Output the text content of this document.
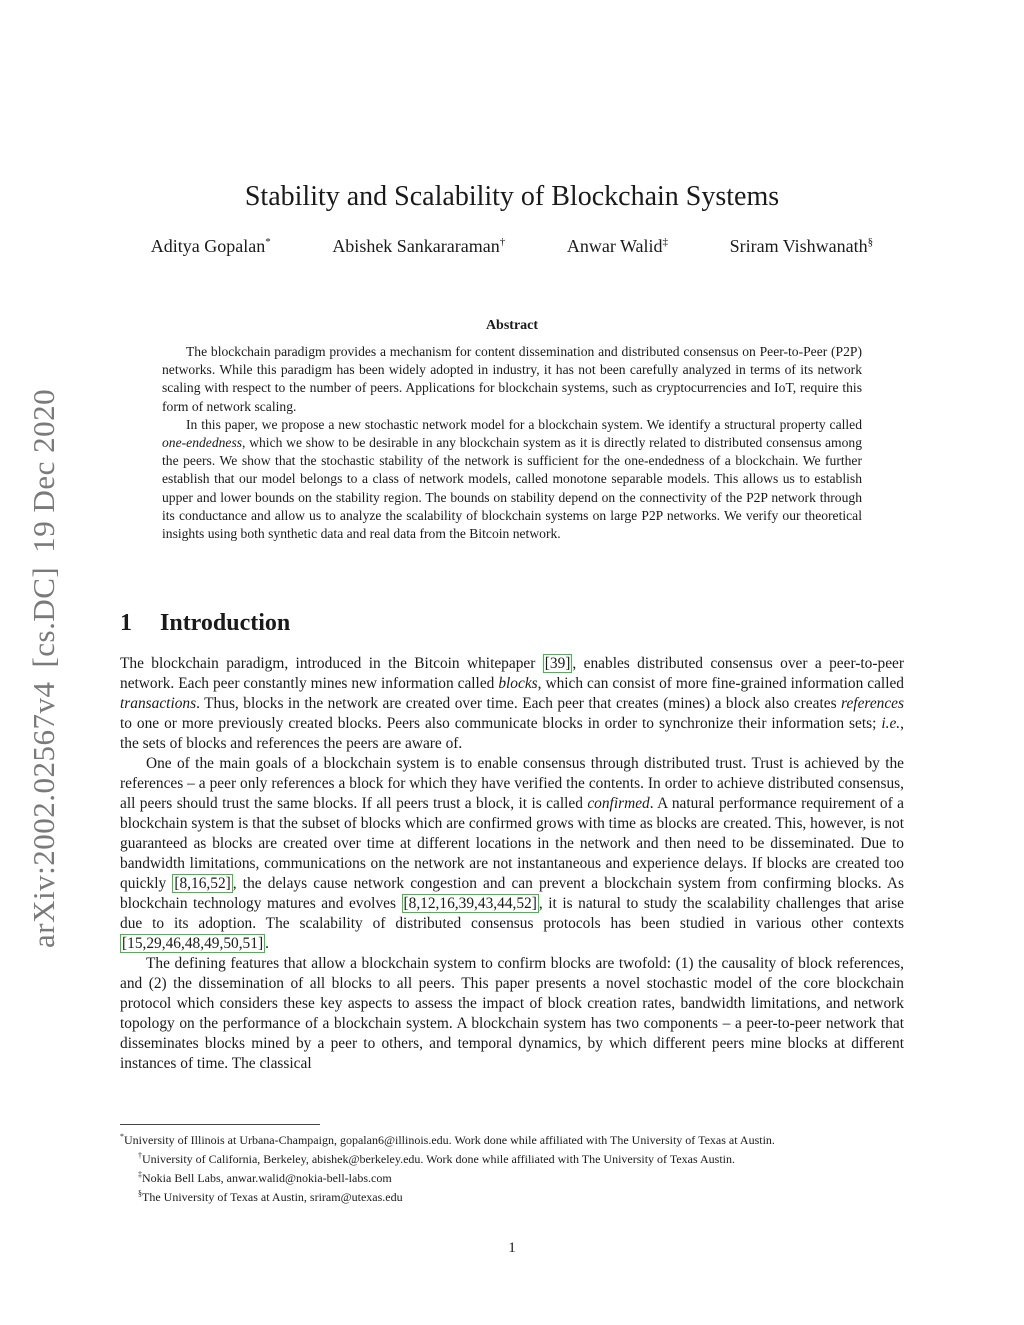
arXiv:2002.02567v4[cs.DC]19 Dec 2020
Stability and Scalability of Blockchain Systems
Aditya Gopalan*	Abishek Sankararaman†	Anwar Walid‡	Sriram Vishwanath§
Abstract

The blockchain paradigm provides a mechanism for content dissemination and distributed consensus on Peer-to-Peer (P2P) networks. While this paradigm has been widely adopted in industry, it has not been carefully analyzed in terms of its network scaling with respect to the number of peers. Applications for blockchain systems, such as cryptocurrencies and IoT, require this form of network scaling.

In this paper, we propose a new stochastic network model for a blockchain system. We identify a structural property called one-endedness, which we show to be desirable in any blockchain system as it is directly related to distributed consensus among the peers. We show that the stochastic stability of the network is sufficient for the one-endedness of a blockchain. We further establish that our model belongs to a class of network models, called monotone separable models. This allows us to establish upper and lower bounds on the stability region. The bounds on stability depend on the connectivity of the P2P network through its conductance and allow us to analyze the scalability of blockchain systems on large P2P networks. We verify our theoretical insights using both synthetic data and real data from the Bitcoin network.

1 Introduction

The blockchain paradigm, introduced in the Bitcoin whitepaper [39] , enables distributed consensus over a peer-to-peer network. Each peer constantly mines new information called blocks, which can consist of more fine-grained information called transactions. Thus, blocks in the network are created over time. Each peer that creates (mines) a block also creates references to one or more previously created blocks. Peers also communicate blocks in order to synchronize their information sets; i.e., the sets of blocks and references the peers are aware of.

One of the main goals of a blockchain system is to enable consensus through distributed trust. Trust is achieved by the references – a peer only references a block for which they have verified the contents. In order to achieve distributed consensus, all peers should trust the same blocks. If all peers trust a block, it is called confirmed. A natural performance requirement of a blockchain system is that the subset of blocks which are confirmed grows with time as blocks are created. This, however, is not guaranteed as blocks are created over time at different locations in the network and then need to be disseminated. Due to bandwidth limitations, communications on the network are not instantaneous and experience delays. If blocks are created too quickly [8,16,52] , the delays cause network congestion and can prevent a blockchain system from confirming blocks. As blockchain technology matures and evolves [8,12,16,39,43,44,52] , it is natural to study the scalability challenges that arise due to its adoption. The scalability of distributed consensus protocols has been studied in various other contexts [15,29,46,48,49,50,51] .

The defining features that allow a blockchain system to confirm blocks are twofold: (1) the causality of block references, and (2) the dissemination of all blocks to all peers. This paper presents a novel stochastic model of the core blockchain protocol which considers these key aspects to assess the impact of block creation rates, bandwidth limitations, and network topology on the performance of a blockchain system. A blockchain system has two components – a peer-to-peer network that disseminates blocks mined by a peer to others, and temporal dynamics, by which different peers mine blocks at different instances of time. The classical

*University of Illinois at Urbana-Champaign, gopalan6@illinois.edu. Work done while affiliated with The University of Texas at Austin.
†University of California, Berkeley, abishek@berkeley.edu. Work done while affiliated with The University of Texas Austin.
‡Nokia Bell Labs, anwar.walid@nokia-bell-labs.com
§The University of Texas at Austin, sriram@utexas.edu
1
